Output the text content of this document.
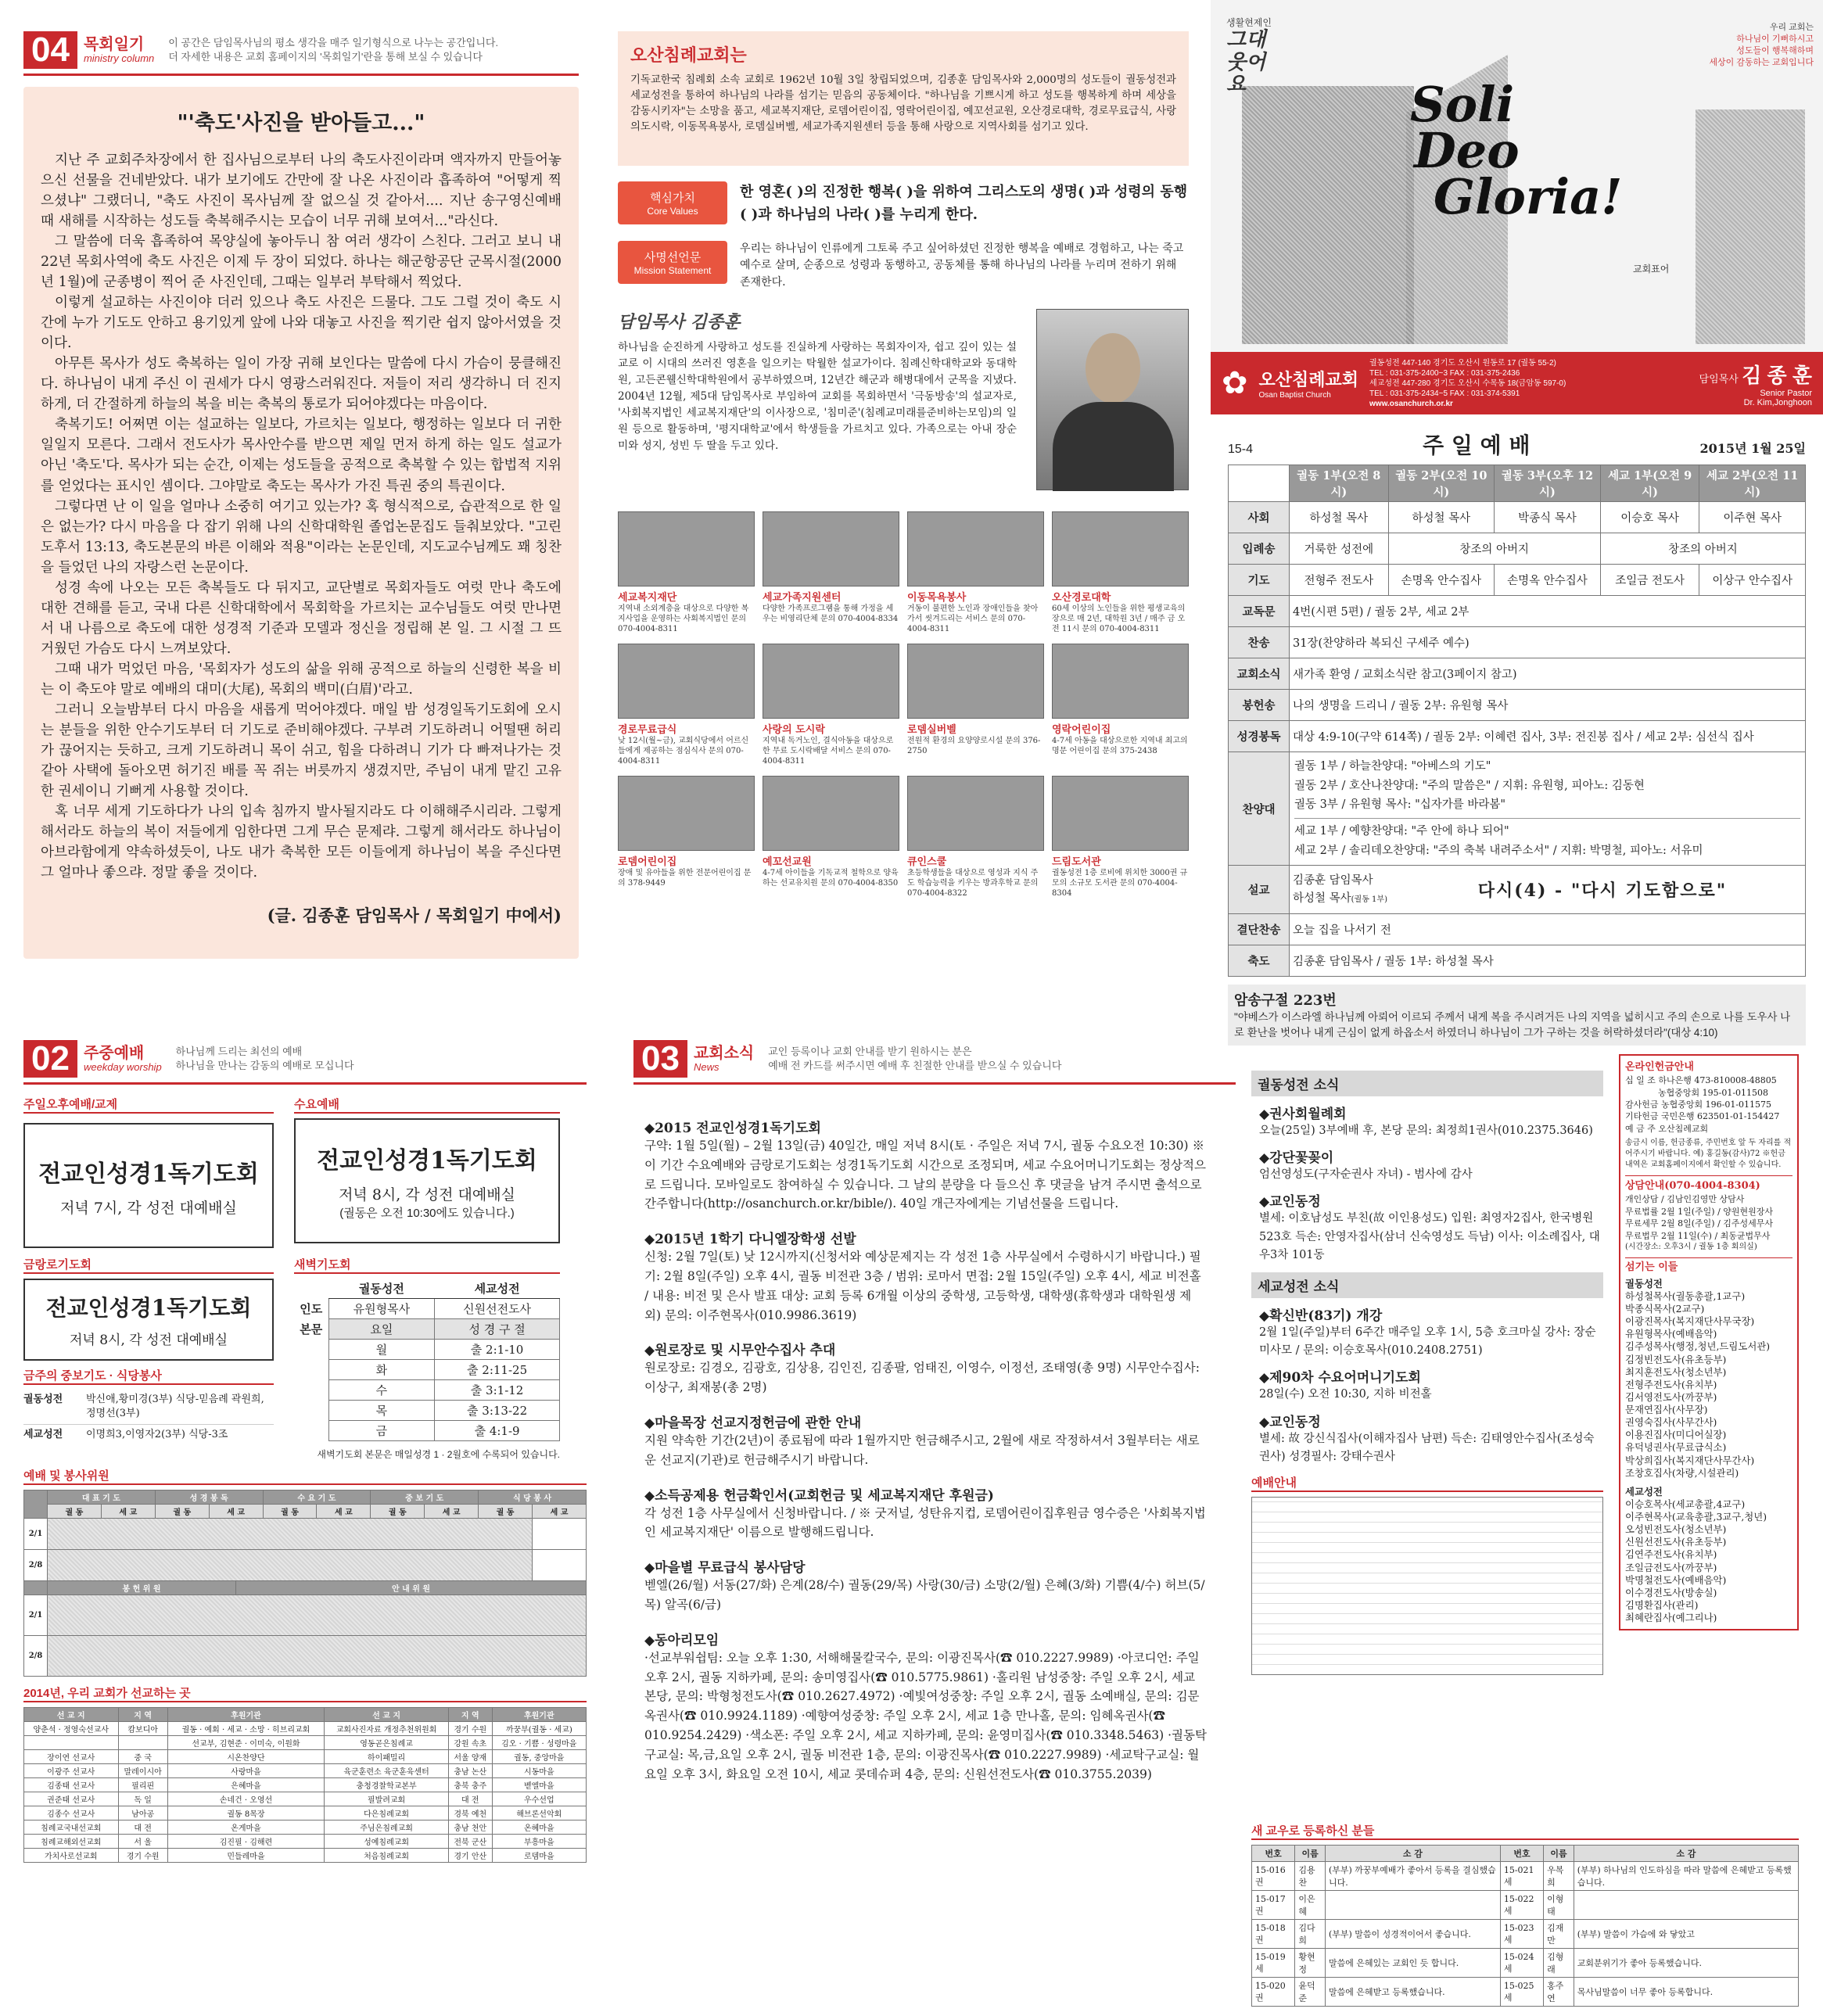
04 목회일기
ministry column
이 공간은 담임목사님의 평소 생각을 매주 일기형식으로 나누는 공간입니다.
더 자세한 내용은 교회 홈페이지의 '목회일기'란을 통해 보실 수 있습니다
"'축도'사진을 받아들고..."

지난 주 교회주차장에서 한 집사님으로부터 나의 축도사진이라며 액자까지 만들어놓으신 선물을 건네받았다. 내가 보기에도 간만에 잘 나온 사진이라 흡족하여 "어떻게 찍으셨냐" 그랬더니, "축도 사진이 목사님께 잘 없으실 것 같아서.... 지난 송구영신예배 때 새해를 시작하는 성도들 축복해주시는 모습이 너무 귀해 보여서..."라신다.

그 말씀에 더욱 흡족하여 목양실에 놓아두니 참 여러 생각이 스친다. 그러고 보니 내 22년 목회사역에 축도 사진은 이제 두 장이 되었다. 하나는 해군항공단 군목시절(2000년 1월)에 군종병이 찍어 준 사진인데, 그때는 일부러 부탁해서 찍었다.

이렇게 설교하는 사진이야 더러 있으나 축도 사진은 드물다. 그도 그럴 것이 축도 시간에 누가 기도도 안하고 용기있게 앞에 나와 대놓고 사진을 찍기란 쉽지 않아서였을 것이다.

아무튼 목사가 성도 축복하는 일이 가장 귀해 보인다는 말씀에 다시 가슴이 뭉클해진다. 하나님이 내게 주신 이 권세가 다시 영광스러워진다. 저들이 저리 생각하니 더 진지하게, 더 간절하게 하늘의 복을 비는 축복의 통로가 되어야겠다는 마음이다.

축복기도! 어쩌면 이는 설교하는 일보다, 가르치는 일보다, 행정하는 일보다 더 귀한 일일지 모른다. 그래서 전도사가 목사안수를 받으면 제일 먼저 하게 하는 일도 설교가 아닌 '축도'다. 목사가 되는 순간, 이제는 성도들을 공적으로 축복할 수 있는 합법적 지위를 얻었다는 표시인 셈이다. 그야말로 축도는 목사가 가진 특권 중의 특권이다.

그렇다면 난 이 일을 얼마나 소중히 여기고 있는가? 혹 형식적으로, 습관적으로 한 일은 없는가? 다시 마음을 다 잡기 위해 나의 신학대학원 졸업논문집도 들춰보았다. "고린도후서 13:13, 축도본문의 바른 이해와 적용"이라는 논문인데, 지도교수님께도 꽤 칭찬을 들었던 나의 자랑스런 논문이다.

성경 속에 나오는 모든 축복들도 다 뒤지고, 교단별로 목회자들도 여럿 만나 축도에 대한 견해를 듣고, 국내 다른 신학대학에서 목회학을 가르치는 교수님들도 여럿 만나면서 내 나름으로 축도에 대한 성경적 기준과 모델과 정신을 정립해 본 일. 그 시절 그 뜨거웠던 가슴도 다시 느껴보았다.

그때 내가 먹었던 마음, '목회자가 성도의 삶을 위해 공적으로 하늘의 신령한 복을 비는 이 축도야 말로 예배의 대미(大尾), 목회의 백미(白眉)'라고.

그러니 오늘밤부터 다시 마음을 새롭게 먹어야겠다. 매일 밤 성경일독기도회에 오시는 분들을 위한 안수기도부터 더 기도로 준비해야겠다. 구부려 기도하려니 어떨땐 허리가 끊어지는 듯하고, 크게 기도하려니 목이 쉬고, 힘을 다하려니 기가 다 빠져나가는 것 같아 사택에 돌아오면 허기진 배를 꼭 쥐는 버릇까지 생겼지만, 주님이 내게 맡긴 고유한 권세이니 기뻐게 사용할 것이다.

혹 너무 세게 기도하다가 나의 입속 침까지 발사될지라도 다 이해해주시리라. 그렇게 해서라도 하늘의 복이 저들에게 임한다면 그게 무슨 문제랴. 그렇게 해서라도 하나님이 아브라함에게 약속하셨듯이, 나도 내가 축복한 모든 이들에게 하나님이 복을 주신다면 그 얼마나 좋으랴. 정말 좋을 것이다.

(글. 김종훈 담임목사 / 목회일기 中에서)
오산침례교회는
기독교한국 침례회 소속 교회로 1962년 10월 3일 창립되었으며, 김종훈 담임목사와 2,000명의 성도들이 궐동성전과 세교성전을 통하여 하나님의 나라를 섬기는 믿음의 공동체이다. "하나님을 기쁘시게 하고 성도를 행복하게 하며 세상을 감동시키자"는 소망을 품고, 세교복지재단, 로뎀어린이집, 영락어린이집, 예꼬선교원, 오산경로대학, 경로무료급식, 사랑의도시락, 이동목욕봉사, 로뎀실버벨, 세교가족지원센터 등을 통해 사랑으로 지역사회를 섬기고 있다.
핵심가치
Core Values
한 영혼( )의 진정한 행복( )을 위하여 그리스도의 생명( )과 성령의 동행( )과 하나님의 나라( )를 누리게 한다.
사명선언문
Mission Statement
우리는 하나님이 인류에게 그토록 주고 싶어하셨던 진정한 행복을 예배로 경험하고, 나는 죽고 예수로 살며, 순종으로 성령과 동행하고, 공동체를 통해 하나님의 나라를 누리며 전하기 위해 존재한다.
담임목사 김종훈
하나님을 순진하게 사랑하고 성도를 진실하게 사랑하는 목회자이자, 쉽고 깊이 있는 설교로 이 시대의 쓰러진 영혼을 일으키는 탁월한 설교가이다. 침례신학대학교와 동대학원, 고든콘웰신학대학원에서 공부하였으며, 12년간 해군과 해병대에서 군목을 지냈다. 2004년 12월, 제5대 담임목사로 부임하여 교회를 목회하면서 '극동방송'의 설교자로, '사회복지법인 세교복지재단'의 이사장으로, '침미준'(침례교미래를준비하는모임)의 일원 등으로 활동하며, '평지대학교'에서 학생들을 가르치고 있다. 가족으로는 아내 장순미와 성지, 성빈 두 딸을 두고 있다.
세교복지재단
지역내 소외계층을 대상으로 다양한 복지사업을 운영하는 사회복지법인 문의 070-4004-8311
세교가족지원센터
다양한 가족프로그램을 통해 가정을 세우는 비영리단체 문의 070-4004-8334
이동목욕봉사
거동이 불편한 노인과 장애인들을 찾아가서 씻겨드리는 서비스 문의 070-4004-8311
오산경로대학
60세 이상의 노인들을 위한 평생교육의 장으로 매 2년, 대학원 3년 / 매주 금 오전 11시 문의 070-4004-8311
경로무료급식
낮 12시(월~금), 교회식당에서 어르신들에게 제공하는 점심식사 문의 070-4004-8311
사랑의 도시락
지역내 독거노인, 결식아동을 대상으로 한 무료 도시락배달 서비스 문의 070-4004-8311
로뎀실버벨
전원적 환경의 요양양로시설 문의 376-2750
영락어린이집
4-7세 아동을 대상으로한 지역내 최고의 명문 어린이집 문의 375-2438
로뎀어린이집
장애 및 유아들을 위한 전문어린이집 문의 378-9449
예꼬선교원
4-7세 아이들을 기독교적 철학으로 양육하는 선교유치원 문의 070-4004-8350
큐인스쿨
초등학생들을 대상으로 영성과 지식 주도 학습능력을 키우는 방과후학교 문의 070-4004-8322
드림도서관
궐동성전 1층 로비에 위치한 3000권 규모의 소규모 도서관 문의 070-4004-8304
생활현제인
그대 웃어요
우리 교회는
하나님이 기뻐하시고
성도들이 행복해하며
세상이 감동하는 교회입니다
Soli
Deo
Gloria!
교회표어
✿ 오산침례교회
Osan Baptist Church
궐동성전 447-140 경기도 오산시 원동로 17 (궐동 55-2)
TEL : 031-375-2400~3 FAX : 031-375-2436
세교성전 447-280 경기도 오산시 수목동 18(금암동 597-0)
TEL : 031-375-2434~5 FAX : 031-374-5391
www.osanchurch.or.kr
담임목사 김 종 훈
Senior Pastor
Dr. Kim,Jonghoon
15-4	주 일 예 배	2015년 1월 25일
	궐동 1부(오전 8시)	궐동 2부(오전 10시)	궐동 3부(오후 12시)	세교 1부(오전 9시)	세교 2부(오전 11시)
사회	하성철 목사	하성철 목사	박종식 목사	이승호 목사	이주현 목사
입례송	거룩한 성전에	창조의 아버지		창조의 아버지	
기도	전형주 전도사	손명옥 안수집사	손명옥 안수집사	조일금 전도사	이상구 안수집사
교독문	4번(시편 5편) / 궐동 2부, 세교 2부				
찬송	31장(찬양하라 복되신 구세주 예수)				
교회소식	새가족 환영 / 교회소식란 참고(3페이지 참고)				
봉헌송	나의 생명을 드리니 / 궐동 2부: 유원형 목사				
성경봉독	대상 4:9-10(구약 614쪽) / 궐동 2부: 이혜련 집사, 3부: 전진봉 집사 / 세교 2부: 심선식 집사				
찬양대	궐동 1부 / 하늘찬양대: "아베스의 기도"
궐동 2부 / 호산나찬양대: "주의 말씀은" / 지휘: 유원형, 피아노: 김동현
궐동 3부 / 유원형 목사: "십자가를 바라봄"
세교 1부 / 예향찬양대: "주 안에 하나 되어"
세교 2부 / 솔리데오찬양대: "주의 축복 내려주소서" / 지휘: 박명철, 피아노: 서유미				

설교	김종훈 담임목사
하성철 목사(궐동 1부) 다시(4) - "다시 기도함으로"				

결단찬송	오늘 집을 나서기 전				
축도	김종훈 담임목사 / 궐동 1부: 하성철 목사				
암송구절 223번
"야베스가 이스라엘 하나님께 아뢰어 이르되 주께서 내게 복을 주시려거든 나의 지역을 넓히시고 주의 손으로 나를 도우사 나로 환난을 벗어나 내게 근심이 없게 하옵소서 하였더니 하나님이 그가 구하는 것을 허락하셨더라"(대상 4:10)
02 주중예배
weekday worship
하나님께 드리는 최선의 예배
하나님을 만나는 감동의 예배로 모십니다
주일오후예배/교제
전교인성경1독기도회
저녁 7시, 각 성전 대예배실
수요예배
전교인성경1독기도회
저녁 8시, 각 성전 대예배실
(궐동은 오전 10:30에도 있습니다.)
금랑로기도회
전교인성경1독기도회
저녁 8시, 각 성전 대예배실
금주의 중보기도 · 식당봉사
궐동성전	박신애,황미경(3부) 식당-믿음례 곽원희,정명선(3부)
세교성전	이명희3,이영자2(3부) 식당-3조
새벽기도회
	궐동성전	세교성전
인도	유원형목사	신원선전도사
본문	요일	성 경 구 절
	월	출 2:1-10
	화	출 2:11-25
	수	출 3:1-12
	목	출 3:13-22
	금	출 4:1-9
새벽기도회 본문은 매일성경 1 · 2월호에 수록되어 있습니다.
예배 및 봉사위원
	대 표 기 도		성 경 봉 독			수 요 기 도		중 보 기 도		식 당 봉 사	
	궐 동	세 교	궐 동	세 교		궐 동	세 교	궐 동	세 교	궐 동	세 교
2/1											
2/8											
	봉 헌 위 원				안 내 위 원						
2/1											
2/8											
2014년, 우리 교회가 선교하는 곳
선 교 지	지 역	후원기관	선 교 지	지 역	후원기관
양춘석 · 정영숙선교사	캄보디아	궐동 · 예회 · 세교 · 소망 · 히브리교회	교회사진자료 개정추천위원회	경기 수원	까꿍부(궐동 · 세교)
		선교부, 김현준 · 이미숙, 이원화	영동곧은침례교	강원 속초	김오 · 기쁨 · 성령마을
장이연 선교사	중 국	시온찬양단	하이패밀리	서울 양재	궐동, 중앙마을
이광주 선교사	말레이시아	사랑마을	육군훈련소 육군훈육센터	충남 논산	시동마을
김종태 선교사	필리핀	은혜마을	충청경찰학교본부	충북 충주	벧엘마을
권준태 선교사	독 일	손네건 · 오영선	필발려교회	대 전	우수선업
김종수 선교사	남아공	궐동 8목장	다은침례교회	경북 예천	해브론선악회
침례교국내선교회	대 전	온게마을	주님은침례교회	충남 천안	온혜마을
침례교해외선교회	서 울	김진필 · 김해련	성예침례교회	전북 군산	부흥마을
가치사로선교회	경기 수원	민들레마을	처음침례교회	경기 안산	로뎀마을
03 교회소식
News
교인 등록이나 교회 안내를 받기 원하시는 분은
예배 전 카드를 써주시면 예배 후 친절한 안내를 받으실 수 있습니다
◆2015 전교인성경1독기도회
구약: 1월 5일(월) – 2월 13일(금) 40일간, 매일 저녁 8시(토 · 주일은 저녁 7시, 궐동 수요오전 10:30) ※ 이 기간 수요예배와 금랑로기도회는 성경1독기도회 시간으로 조정되며, 세교 수요어머니기도회는 정상적으로 드립니다. 모바일로도 참여하실 수 있습니다. 그 날의 분량을 다 들으신 후 댓글을 남겨 주시면 출석으로 간주합니다(http://osanchurch.or.kr/bible/). 40일 개근자에게는 기념선물을 드립니다.
◆2015년 1학기 다니엘장학생 선발
신청: 2월 7일(토) 낮 12시까지(신청서와 예상문제지는 각 성전 1층 사무실에서 수령하시기 바랍니다.) 필기: 2월 8일(주일) 오후 4시, 궐동 비전관 3층 / 범위: 로마서 면접: 2월 15일(주일) 오후 4시, 세교 비전홀 / 내용: 비전 및 은사 발표 대상: 교회 등록 6개월 이상의 중학생, 고등학생, 대학생(휴학생과 대학원생 제외) 문의: 이주현목사(010.9986.3619)
◆원로장로 및 시무안수집사 추대
원로장로: 김경오, 김광호, 김상용, 김인진, 김종팔, 엄태진, 이영수, 이정선, 조태영(총 9명) 시무안수집사: 이상구, 최재봉(총 2명)
◆마을목장 선교지정헌금에 관한 안내
지원 약속한 기간(2년)이 종료됨에 따라 1월까지만 헌금해주시고, 2월에 새로 작정하셔서 3월부터는 새로운 선교지(기관)로 헌금해주시기 바랍니다.
◆소득공제용 헌금확인서(교회헌금 및 세교복지재단 후원금)
각 성전 1층 사무실에서 신청바랍니다. / ※ 굿저널, 성탄유지컵, 로뎀어린이집후원금 영수증은 '사회복지법인 세교복지재단' 이름으로 발행해드립니다.
◆마을별 무료급식 봉사담당
벧엘(26/월) 서동(27/화) 은계(28/수) 궐동(29/목) 사랑(30/금) 소망(2/월) 은혜(3/화) 기쁨(4/수) 허브(5/목) 알곡(6/금)
◆동아리모임
·선교부워쉽팀: 오늘 오후 1:30, 서해해물칼국수, 문의: 이광진목사(☎ 010.2227.9989) ·아코디언: 주일 오후 2시, 궐동 지하카페, 문의: 송미영집사(☎ 010.5775.9861) ·홀리원 남성중창: 주일 오후 2시, 세교 본당, 문의: 박형청전도사(☎ 010.2627.4972) ·예빛여성중창: 주일 오후 2시, 궐동 소예배실, 문의: 김문옥권사(☎ 010.9924.1189) ·예향여성중창: 주일 오후 2시, 세교 1층 만나홀, 문의: 임혜옥권사(☎ 010.9254.2429) ·색소폰: 주일 오후 2시, 세교 지하카페, 문의: 윤영미집사(☎ 010.3348.5463) ·궐동탁구교실: 목,금,요일 오후 2시, 궐동 비전관 1층, 문의: 이광진목사(☎ 010.2227.9989) ·세교탁구교실: 월요일 오후 3시, 화요일 오전 10시, 세교 콧데슈퍼 4층, 문의: 신원선전도사(☎ 010.3755.2039)
궐동성전 소식
◆권사회월례회
오늘(25일) 3부예배 후, 본당 문의: 최정희1권사(010.2375.3646)
◆강단꽃꽂이
엄선영성도(구자순권사 자녀) - 범사에 감사
◆교인동정
별세: 이호남성도 부친(故 이인용성도) 입원: 최영자2집사, 한국병원 523호 득손: 안영자집사(삼너 신숙영성도 득남) 이사: 이소례집사, 대우3차 101동
세교성전 소식
◆확신반(83기) 개강
2월 1일(주일)부터 6주간 매주일 오후 1시, 5층 호크마실 강사: 장순미사모 / 문의: 이승호목사(010.2408.2751)
◆제90차 수요어머니기도회
28일(수) 오전 10:30, 지하 비전홀
◆교인동정
별세: 故 강신식집사(이해자집사 남편) 득손: 김태영안수집사(조성숙권사) 성경필사: 강태수권사
예배안내
온라인헌금안내
십 일 조 하나은행 473-810008-48805
농협중앙회 195-01-011508
감사헌금 농협중앙회 196-01-011575
기타헌금 국민은행 623501-01-154427
예 금 주 오산침례교회
송금시 이름, 헌금종류, 주민번호 앞 두 자리를 적어주시기 바랍니다. 예) 홍길동(감사)72 ※헌금내역은 교회홈페이지에서 확인할 수 있습니다.
상담안내(070-4004-8304)
개인상담 / 김남인김영만 상담사
무료법률 2월 1일(주일) / 양원현원장사
무료세무 2월 8일(주일) / 김주성세무사
무료법무 2월 11일(수) / 최동균법무사
(시간장소: 오후3시 / 궐동 1층 회의실)
섬기는 이들
궐동성전
하성철목사(궐동총괄,1교구)
박종식목사(2교구)
이광진목사(복지재단사무국장)
유원형목사(예배음악)
김주성목사(행정,청년,드림도서관)
김정빈전도사(유초등부)
최지훈전도사(청소년부)
전형주전도사(유치부)
김서영전도사(까꿍부)
문재연집사(사무장)
권영숙집사(사무간사)
이용진집사(미디어실장)
유덕녕권사(무료급식소)
박상희집사(복지재단사무간사)
조창호집사(차량,시설관리)
세교성전
이승호목사(세교총괄,4교구)
이주현목사(교육총괄,3교구,청년)
오성빈전도사(청소년부)
신원선전도사(유초등부)
김연주전도사(유치부)
조일금전도사(까꿍부)
박명철전도사(예배음악)
이수경전도사(방송실)
김명환집사(관리)
최혜란집사(예그리나)
새 교우로 등록하신 분들
번호	이름	소 감	번호	이름	소 감
15-016권	김용찬	(부부) 까꿍부예배가 좋아서 등록을 결심했습니다.	15-021세	우복희	(부부) 하나님의 인도하심을 따라 말씀에 은혜받고 등록했습니다.
15-017권	이은혜		15-022세	이형태	
15-018권	김다희	(부부) 말씀이 성경적이어서 좋습니다.	15-023세	김재만	(부부) 말씀이 가슴에 와 닿았고
15-019세	황현정	말씀에 은혜있는 교회인 듯 합니다.	15-024세	김형래	교회분위기가 좋아 등록했습니다.
15-020권	윤덕준	말씀에 은혜받고 등록했습니다.	15-025세	홍주연	목사님말씀이 너무 좋아 등록합니다.
